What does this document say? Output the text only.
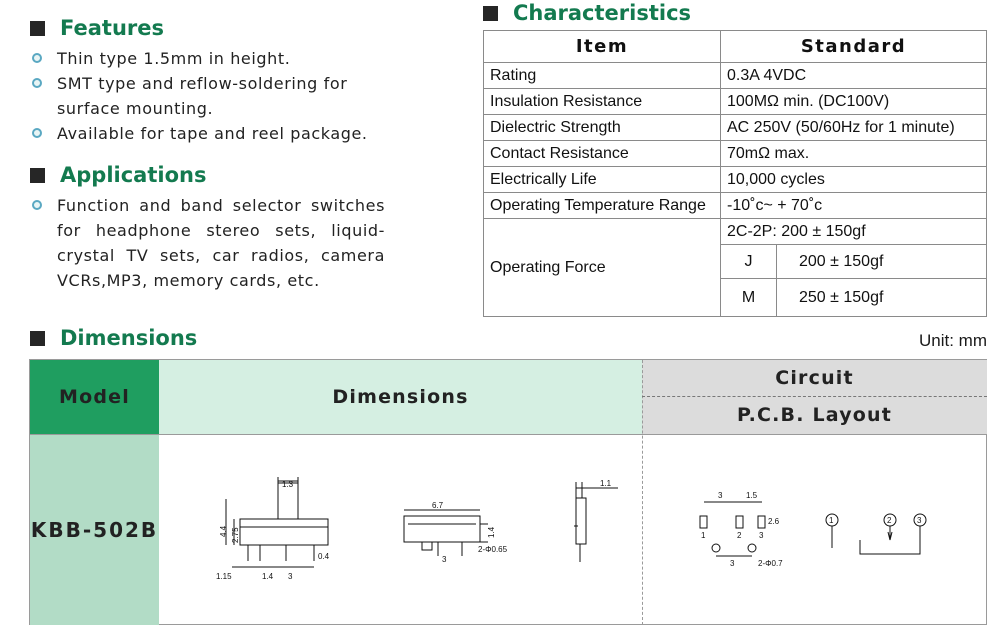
Features
Thin type 1.5mm in height.
SMT type and reflow-soldering for surface mounting.
Available for tape and reel package.
Applications
Function and band selector switches for headphone stereo sets, liquid-crystal TV sets, car radios, camera VCRs,MP3, memory cards, etc.
Characteristics
Item	Standard	
Rating	0.3A 4VDC	
Insulation Resistance	100MΩ min. (DC100V)	
Dielectric Strength	AC 250V (50/60Hz for 1 minute)	
Contact Resistance	70mΩ max.	
Electrically Life	10,000 cycles	
Operating Temperature Range	-10˚c~ + 70˚c	
Operating Force	2C-2P: 200 ± 150gf	
	J	200 ± 150gf
	M	250 ± 150gf
Dimensions	Unit: mm
Model	Dimensions
Circuit
P.C.B. Layout
KBB-502B
1.3
4.4 2.75
0.4
1.15	1.4 3
6.7
1.4
3
2-Φ0.65
1.1
3	1.5
2.6
3	2-Φ0.7
1	2 3
1	2	3
